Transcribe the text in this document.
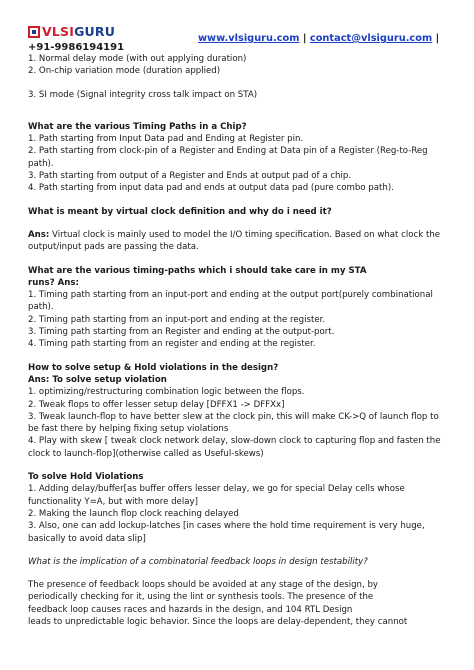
VLSIGURU	www.vlsiguru.com | contact@vlsiguru.com |
+91-9986194191

1. Normal delay mode (with out applying duration)

2. On-chip variation mode (duration applied)

3. SI mode (Signal integrity cross talk impact on STA)

What are the various Timing Paths in a Chip?

1. Path starting from Input Data pad and Ending at Register pin.

2. Path starting from clock-pin of a Register and Ending at Data pin of a Register (Reg-to-Reg path).

3. Path starting from output of a Register and Ends at output pad of a chip.

4. Path starting from input data pad and ends at output data pad (pure combo path).

What is meant by virtual clock definition and why do i need it?

Ans: Virtual clock is mainly used to model the I/O timing specification. Based on what clock the output/input pads are passing the data.

What are the various timing-paths which i should take care in my STA

runs? Ans:

1. Timing path starting from an input-port and ending at the output port(purely combinational path).

2. Timing path starting from an input-port and ending at the register.

3. Timing path starting from an Register and ending at the output-port.

4. Timing path starting from an register and ending at the register.

How to solve setup & Hold violations in the design?

Ans: To solve setup violation

1. optimizing/restructuring combination logic between the flops.

2. Tweak flops to offer lesser setup delay [DFFX1 -> DFFXx]

3. Tweak launch-flop to have better slew at the clock pin, this will make CK->Q of launch flop to be fast there by helping fixing setup violations

4. Play with skew [ tweak clock network delay, slow-down clock to capturing flop and fasten the clock to launch-flop](otherwise called as Useful-skews)

To solve Hold Violations

1. Adding delay/buffer[as buffer offers lesser delay, we go for special Delay cells whose functionality Y=A, but with more delay]

2. Making the launch flop clock reaching delayed

3. Also, one can add lockup-latches [in cases where the hold time requirement is very huge, basically to avoid data slip]

What is the implication of a combinatorial feedback loops in design testability?

The presence of feedback loops should be avoided at any stage of the design, by

periodically checking for it, using the lint or synthesis tools. The presence of the

feedback loop causes races and hazards in the design, and 104 RTL Design

leads to unpredictable logic behavior. Since the loops are delay-dependent, they cannot
